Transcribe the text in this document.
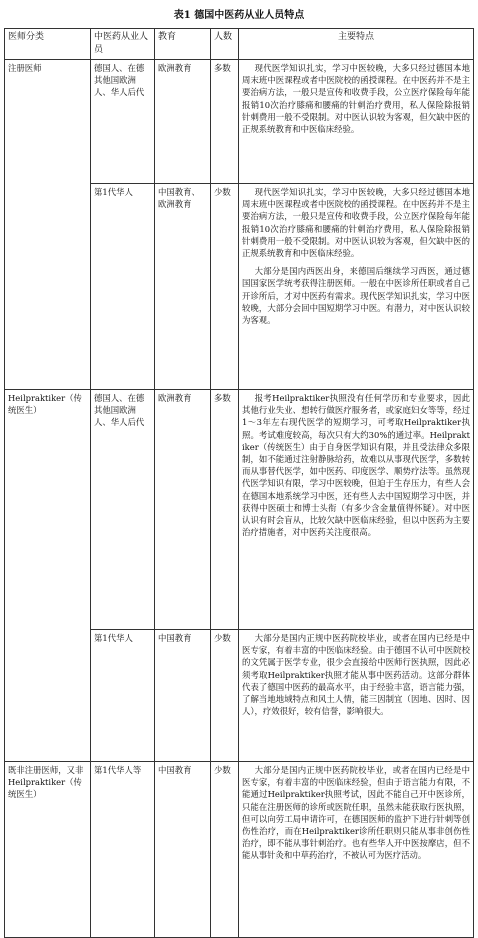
表1 德国中医药从业人员特点
医师分类	中医药从业人员	教育	人数	主要特点
注册医师	德国人、在德其他国欧洲人、华人后代	欧洲教育	多数	现代医学知识扎实，学习中医较晚，大多只经过德国本地周末班中医课程或者中医院校的函授课程。在中医药并不是主要治病方法，一般只是宣传和收费手段，公立医疗保险每年能报销10次治疗膝痛和腰痛的针刺治疗费用，私人保险除报销针刺费用一般不受限制。对中医认识较为客观，但欠缺中医的正规系统教育和中医临床经验。

	第1代华人	中国教育、欧洲教育	少数	现代医学知识扎实，学习中医较晚，大多只经过德国本地周末班中医课程或者中医院校的函授课程。在中医药并不是主要治病方法，一般只是宣传和收费手段，公立医疗保险每年能报销10次治疗膝痛和腰痛的针刺治疗费用，私人保险除报销针刺费用一般不受限制。对中医认识较为客观，但欠缺中医的正规系统教育和中医临床经验。

大部分是国内西医出身，来德国后继续学习西医，通过德国国家医学统考获得注册医师。一般在中医诊所任职或者自己开诊所后，才对中医药有需求。现代医学知识扎实，学习中医较晚，大部分会回中国短期学习中医。有潜力，对中医认识较为客观。

Heilpraktiker（传统医生）	德国人、在德其他国欧洲人、华人后代	欧洲教育	多数	报考Heilpraktiker执照没有任何学历和专业要求，因此其他行业失业、想转行做医疗服务者，或家庭妇女等等，经过1～3年左右现代医学的短期学习，可考取Heilpraktiker执照。考试难度较高，每次只有大约30%的通过率。Heilpraktiker（传统医生）由于自身医学知识有限，并且受法律众多限制，如不能通过注射静脉给药，故难以从事现代医学，多数转而从事替代医学，如中医药、印度医学、顺势疗法等。虽然现代医学知识有限，学习中医较晚，但迫于生存压力，有些人会在德国本地系统学习中医，还有些人去中国短期学习中医，并获得中医硕士和博士头衔（有多少含金量值得怀疑）。对中医认识有时会盲从，比较欠缺中医临床经验，但以中医药为主要治疗措施者，对中医药关注度很高。

	第1代华人	中国教育	少数	大部分是国内正规中医药院校毕业，或者在国内已经是中医专家，有着丰富的中医临床经验。由于德国不认可中医院校的文凭属于医学专业，很少会直接给中医师行医执照，因此必须考取Heilpraktiker执照才能从事中医药活动。这部分群体代表了德国中医药的最高水平，由于经验丰富，语言能力强，了解当地地域特点和风土人情，能三因制宜（因地、因时、因人），疗效很好，较有信誉，影响很大。

既非注册医师，又非Heilpraktiker（传统医生）	第1代华人等	中国教育	少数	大部分是国内正规中医药院校毕业，或者在国内已经是中医专家，有着丰富的中医临床经验，但由于语言能力有限，不能通过Heilpraktiker执照考试，因此不能自己开中医诊所，只能在注册医师的诊所或医院任职，虽然未能获取行医执照，但可以向劳工局申请许可，在德国医师的监护下进行针刺等创伤性治疗，而在Heilpraktiker诊所任职则只能从事非创伤性治疗，即不能从事针刺治疗。也有些华人开中医按摩店，但不能从事针灸和中草药治疗，不被认可为医疗活动。
